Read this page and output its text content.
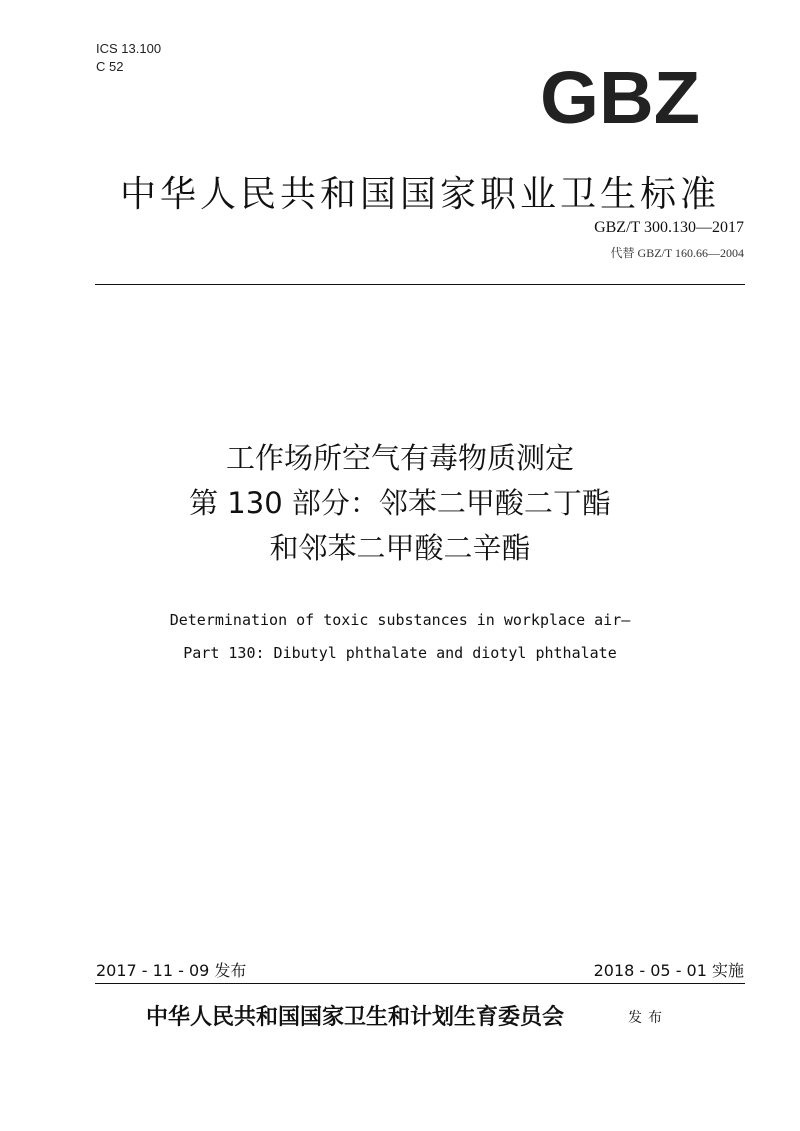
ICS 13.100
C 52	GBZ
中华人民共和国国家职业卫生标准
GBZ/T 300.130—2017
代替 GBZ/T 160.66—2004
工作场所空气有毒物质测定
第 130 部分：邻苯二甲酸二丁酯
和邻苯二甲酸二辛酯
Determination of toxic substances in workplace air—
Part 130: Dibutyl phthalate and diotyl phthalate
2017 - 11 - 09 发布	2018 - 05 - 01 实施
中华人民共和国国家卫生和计划生育委员会	发布
